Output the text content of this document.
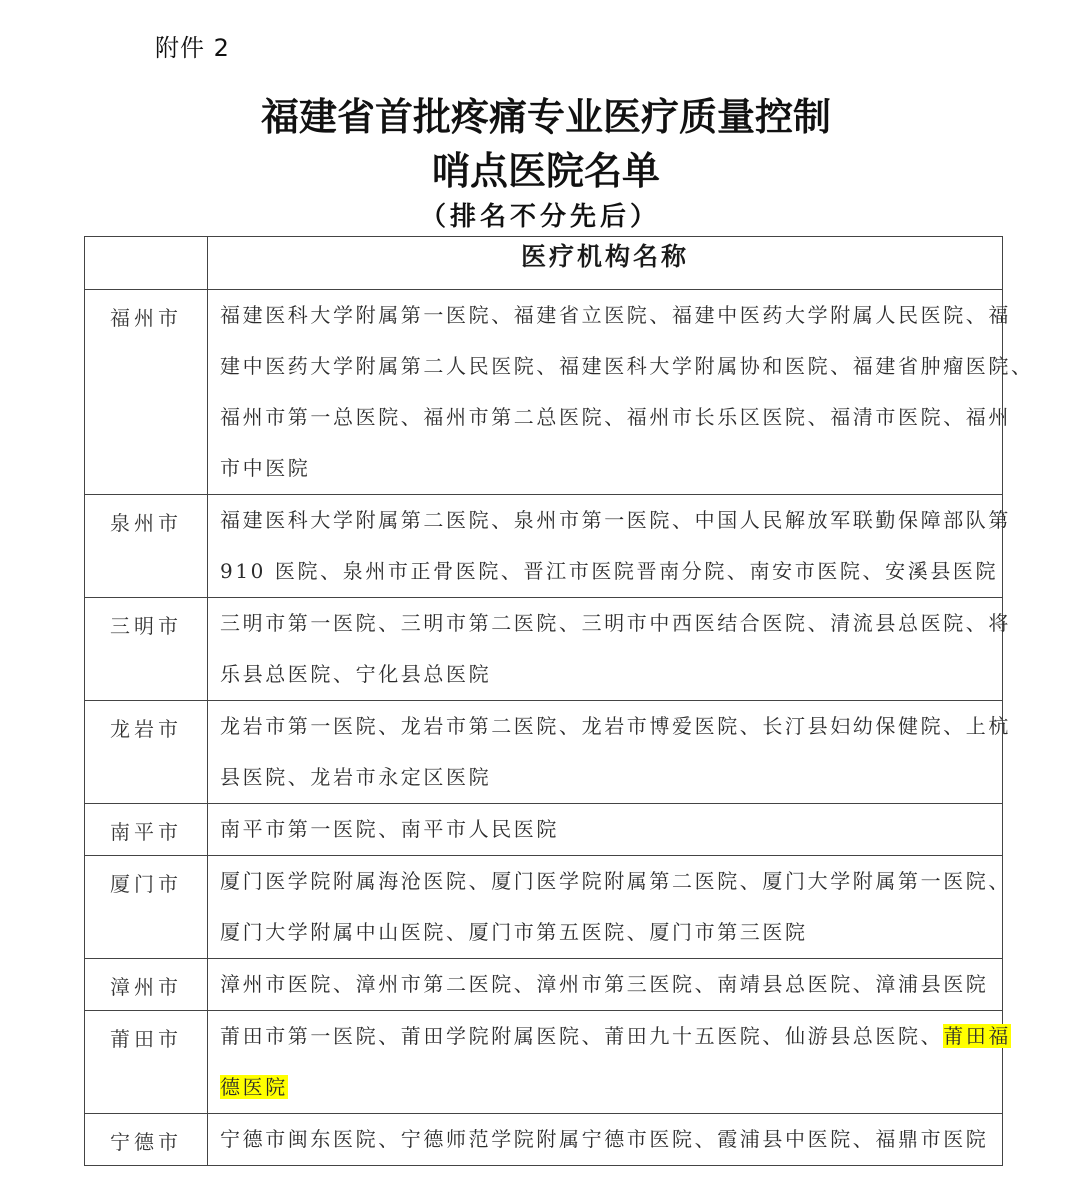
附件 2
福建省首批疼痛专业医疗质量控制
哨点医院名单
（排名不分先后）
	医疗机构名称
福州市	福建医科大学附属第一医院、福建省立医院、福建中医药大学附属人民医院、福
建中医药大学附属第二人民医院、福建医科大学附属协和医院、福建省肿瘤医院、
福州市第一总医院、福州市第二总医院、福州市长乐区医院、福清市医院、福州
市中医院

泉州市	福建医科大学附属第二医院、泉州市第一医院、中国人民解放军联勤保障部队第
910 医院、泉州市正骨医院、晋江市医院晋南分院、南安市医院、安溪县医院

三明市	三明市第一医院、三明市第二医院、三明市中西医结合医院、清流县总医院、将
乐县总医院、宁化县总医院

龙岩市	龙岩市第一医院、龙岩市第二医院、龙岩市博爱医院、长汀县妇幼保健院、上杭
县医院、龙岩市永定区医院

南平市	南平市第一医院、南平市人民医院

厦门市	厦门医学院附属海沧医院、厦门医学院附属第二医院、厦门大学附属第一医院、
厦门大学附属中山医院、厦门市第五医院、厦门市第三医院

漳州市	漳州市医院、漳州市第二医院、漳州市第三医院、南靖县总医院、漳浦县医院

莆田市	莆田市第一医院、莆田学院附属医院、莆田九十五医院、仙游县总医院、莆田福
德医院

宁德市	宁德市闽东医院、宁德师范学院附属宁德市医院、霞浦县中医院、福鼎市医院
